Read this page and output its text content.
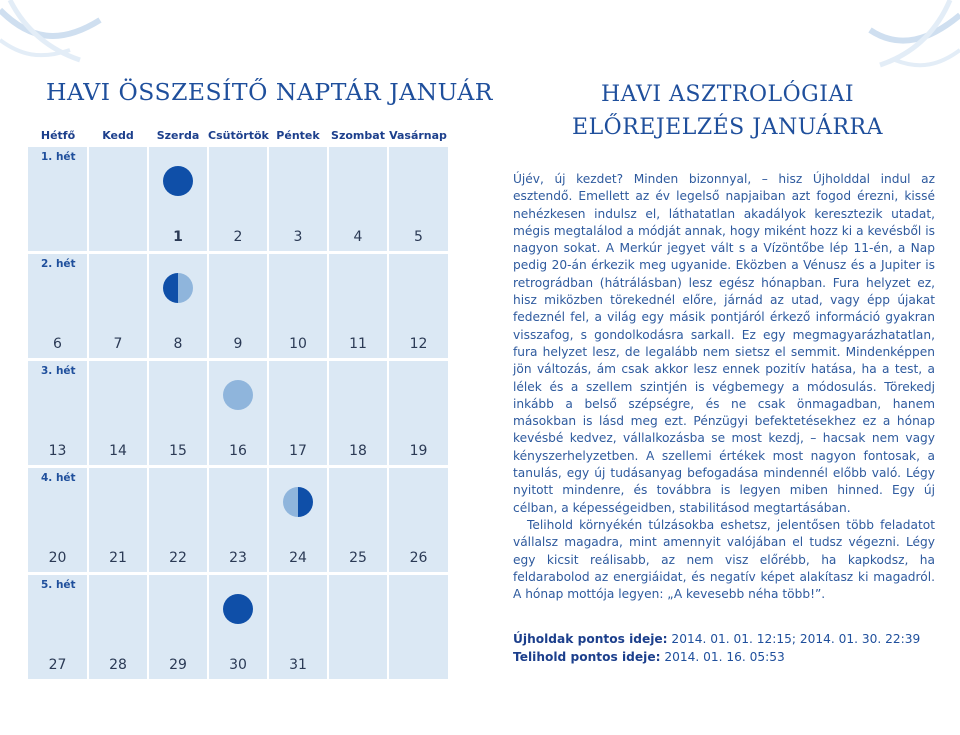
HAVI ÖSSZESÍTŐ NAPTÁR JANUÁR
Hétfő	Kedd	Szerda	Csütörtök	Péntek	Szombat	Vasárnap

1. hét		1	2	3	4	5

2. hét
6	7	8	9	10	11	12

3. hét
13	14	15	16	17	18	19

4. hét
20	21	22	23	24	25	26

5. hét
27	28	29	30	31		

HAVI ASZTROLÓGIAI
ELŐREJELZÉS JANUÁRRA

Újév, új kezdet? Minden bizonnyal, – hisz Újholddal indul az esztendő. Emellett az év legelső napjaiban azt fogod érezni, kissé nehézkesen indulsz el, láthatatlan akadályok keresztezik utadat, mégis megtalálod a módját annak, hogy miként hozz ki a kevésből is nagyon sokat. A Merkúr jegyet vált s a Vízöntőbe lép 11-én, a Nap pedig 20-án érkezik meg ugyanide. Eközben a Vénusz és a Jupiter is retrográdban (hátrálásban) lesz egész hónapban. Fura helyzet ez, hisz miközben törekednél előre, járnád az utad, vagy épp újakat fedeznél fel, a világ egy másik pontjáról érkező információ gyakran visszafog, s gondolkodásra sarkall. Ez egy megmagyarázhatatlan, fura helyzet lesz, de legalább nem sietsz el semmit. Mindenképpen jön változás, ám csak akkor lesz ennek pozitív hatása, ha a test, a lélek és a szellem szintjén is végbemegy a módosulás. Törekedj inkább a belső szépségre, és ne csak önmagadban, hanem másokban is lásd meg ezt. Pénzügyi befektetésekhez ez a hónap kevésbé kedvez, vállalkozásba se most kezdj, – hacsak nem vagy kényszerhelyzetben. A szellemi értékek most nagyon fontosak, a tanulás, egy új tudásanyag befogadása mindennél előbb való. Légy nyitott mindenre, és továbbra is legyen miben hinned. Egy új célban, a képességeidben, stabilitásod megtartásában.

Telihold környékén túlzásokba eshetsz, jelentősen több feladatot vállalsz magadra, mint amennyit valójában el tudsz végezni. Légy egy kicsit reálisabb, az nem visz előrébb, ha kapkodsz, ha feldarabolod az energiáidat, és negatív képet alakítasz ki magadról. A hónap mottója legyen: „A kevesebb néha több!”.

Újholdak pontos ideje: 2014. 01. 01. 12:15; 2014. 01. 30. 22:39
Telihold pontos ideje: 2014. 01. 16. 05:53
